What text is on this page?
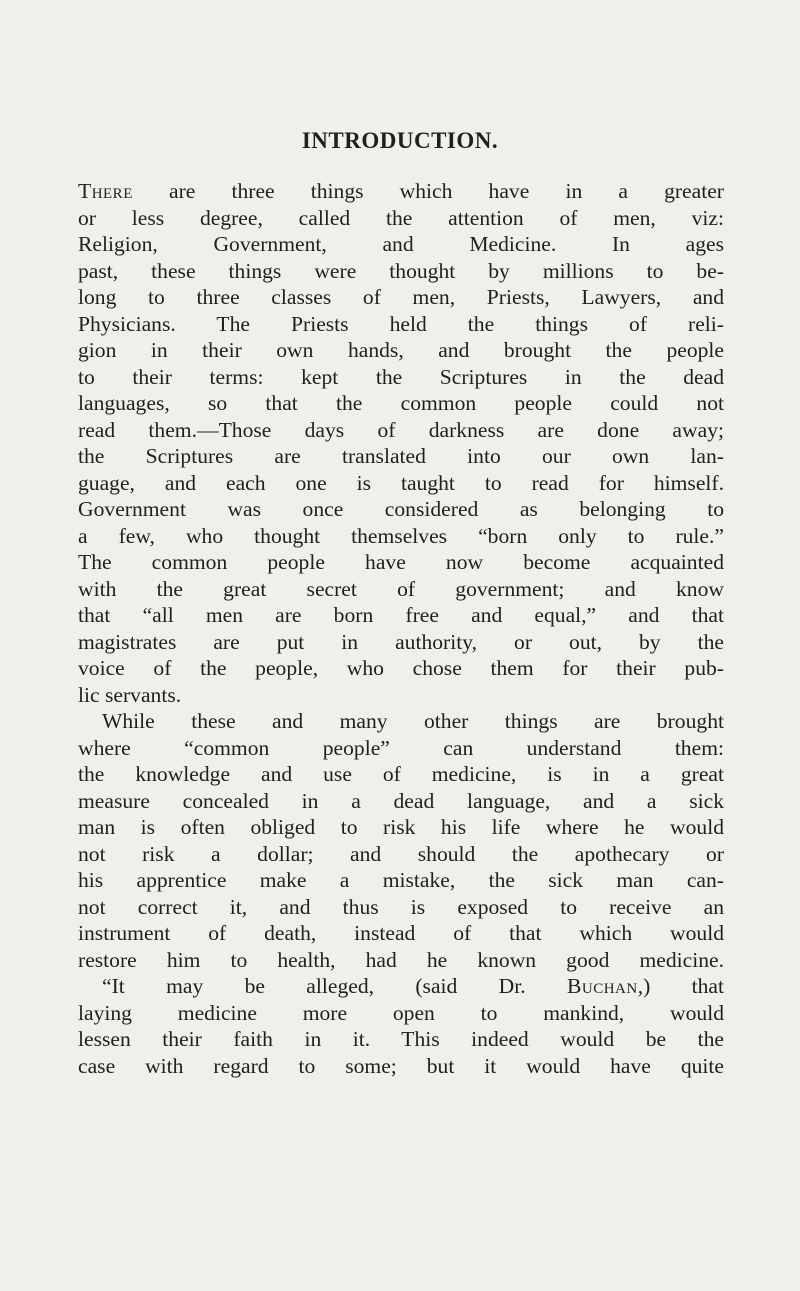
INTRODUCTION.
There are three things which have in a greater
or less degree, called the attention of men, viz:
Religion, Government, and Medicine. In ages
past, these things were thought by millions to be-
long to three classes of men, Priests, Lawyers, and
Physicians. The Priests held the things of reli-
gion in their own hands, and brought the people
to their terms: kept the Scriptures in the dead
languages, so that the common people could not
read them.—Those days of darkness are done away;
the Scriptures are translated into our own lan-
guage, and each one is taught to read for himself.
Government was once considered as belonging to
a few, who thought themselves “born only to rule.”
The common people have now become acquainted
with the great secret of government; and know
that “all men are born free and equal,” and that
magistrates are put in authority, or out, by the
voice of the people, who chose them for their pub-
lic servants.
While these and many other things are brought
where “common people” can understand them:
the knowledge and use of medicine, is in a great
measure concealed in a dead language, and a sick
man is often obliged to risk his life where he would
not risk a dollar; and should the apothecary or
his apprentice make a mistake, the sick man can-
not correct it, and thus is exposed to receive an
instrument of death, instead of that which would
restore him to health, had he known good medicine.
“It may be alleged, (said Dr. Buchan,) that
laying medicine more open to mankind, would
lessen their faith in it. This indeed would be the
case with regard to some; but it would have quite
